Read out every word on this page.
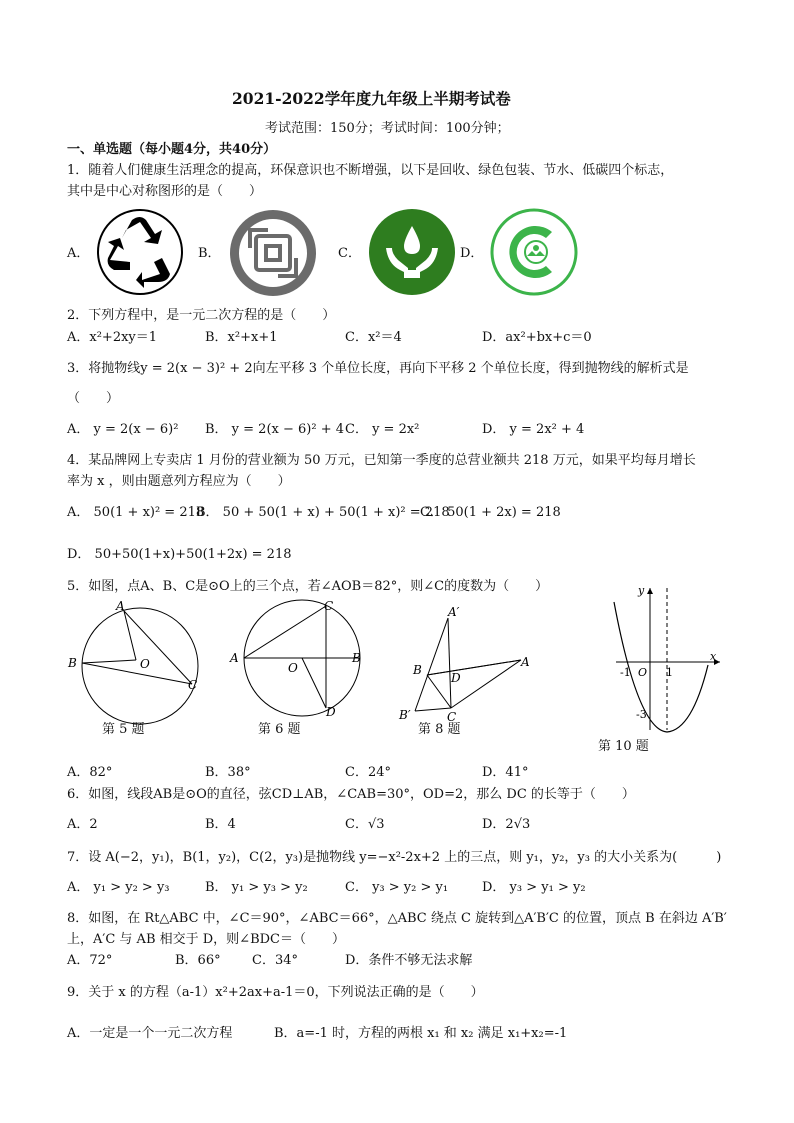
2021-2022学年度九年级上半期考试卷
考试范围：150分；考试时间：100分钟；
一、单选题（每小题4分，共40分）
1．随着人们健康生活理念的提高，环保意识也不断增强，以下是回收、绿色包装、节水、低碳四个标志，
其中是中心对称图形的是（　　）
A．	B．	C．	D．
2．下列方程中，是一元二次方程的是（　　）
A．x²+2xy＝1	B．x²+x+1	C．x²＝4	D．ax²+bx+c＝0
3．将抛物线y = 2(x − 3)² + 2向左平移 3 个单位长度，再向下平移 2 个单位长度，得到抛物线的解析式是
（　　）
A． y = 2(x − 6)² B． y = 2(x − 6)² + 4 C． y = 2x²	D． y = 2x² + 4
4．某品牌网上专卖店 1 月份的营业额为 50 万元，已知第一季度的总营业额共 218 万元，如果平均每月增长
率为 x ，则由题意列方程应为（　　）
A． 50(1 + x)² = 218
B． 50 + 50(1 + x) + 50(1 + x)² = 218
C． 50(1 + 2x) = 218
D． 50+50(1+x)+50(1+2x) = 218
5．如图，点A、B、C是⊙O上的三个点，若∠AOB＝82°，则∠C的度数为（　　）
A
B	O
C
第 5 题
A	B
C
D
O
第 6 题
A′
B
A
D
B′	C
第 8 题
y
x
-1 O 1
-3
第 10 题
A．82°	B．38°	C．24°	D．41°
6．如图，线段AB是⊙O的直径，弦CD⊥AB，∠CAB=30°，OD=2，那么 DC 的长等于（　　）
A．2	B．4	C．√3	D．2√3
7．设 A(−2，y₁)，B(1，y₂)，C(2，y₃)是抛物线 y=−x²-2x+2 上的三点，则 y₁，y₂，y₃ 的大小关系为(　　　)
A． y₁ > y₂ > y₃	B． y₁ > y₃ > y₂	C． y₃ > y₂ > y₁	D． y₃ > y₁ > y₂
8．如图，在 Rt△ABC 中，∠C＝90°，∠ABC＝66°，△ABC 绕点 C 旋转到△A′B′C 的位置，顶点 B 在斜边 A′B′
上，A′C 与 AB 相交于 D，则∠BDC＝（　　）
A．72°	B．66° C．34°	D．条件不够无法求解
9．关于 x 的方程（a-1）x²+2ax+a-1＝0，下列说法正确的是（　　）
A．一定是一个一元二次方程	B．a=-1 时，方程的两根 x₁ 和 x₂ 满足 x₁+x₂=-1
